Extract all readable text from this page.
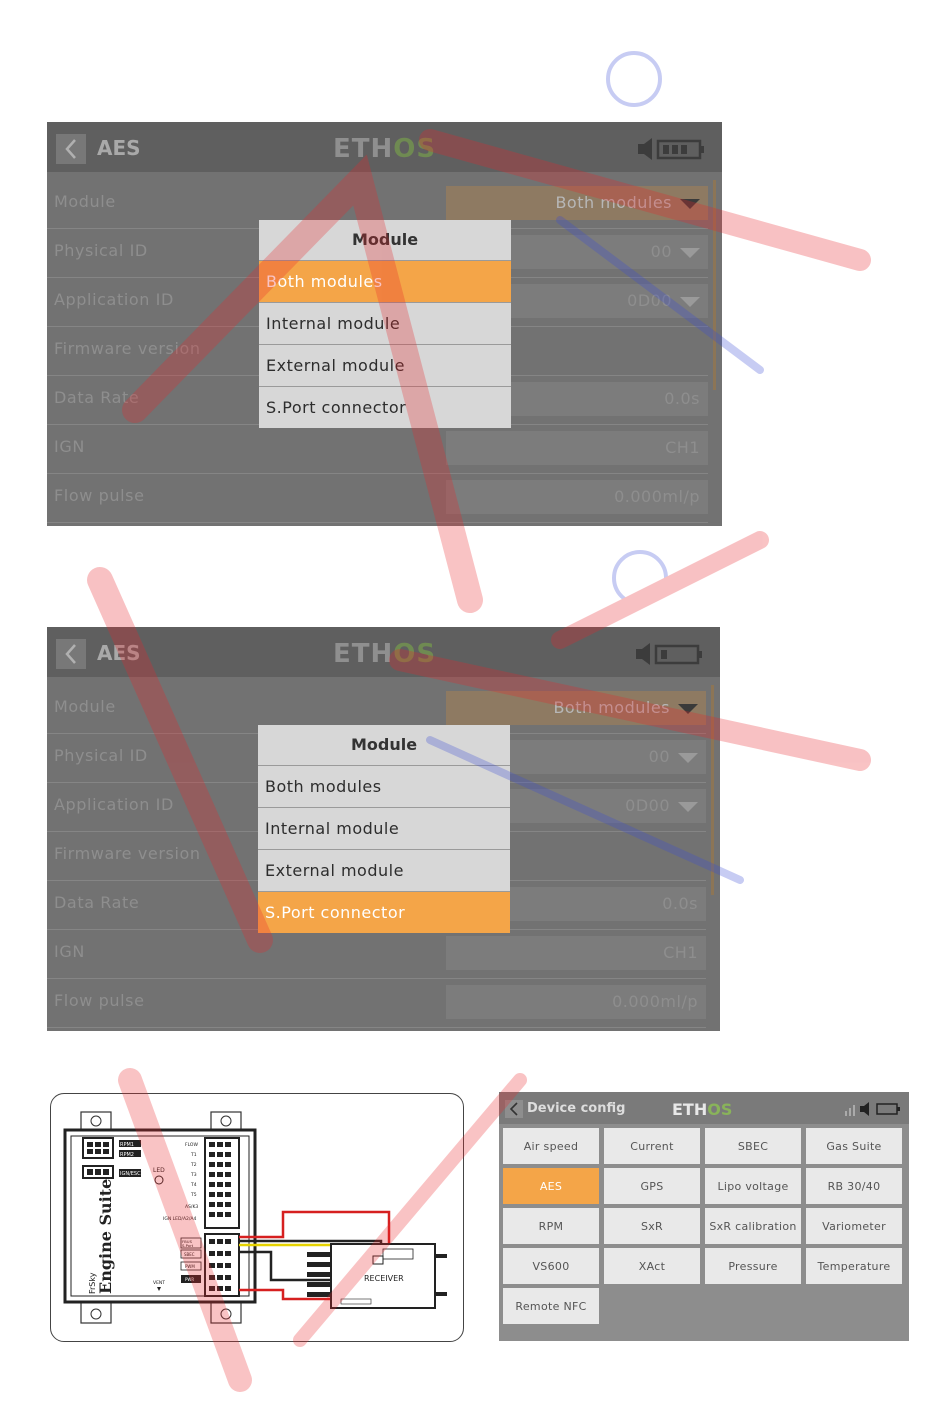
AES	ETHOS
Module	Both modules
Physical ID	00
Application ID	0D00
Firmware version
Data Rate	0.0s
IGN	CH1
Flow pulse	0.000ml/p
Module
Both modules
Internal module
External module
S.Port connector
AES	ETHOS
Module	Both modules
Physical ID	00
Application ID	0D00
Firmware version
Data Rate	0.0s
IGN	CH1
Flow pulse	0.000ml/p
Module
Both modules
Internal module
External module
S.Port connector
RPM1
RPM2
IGN/ESC LED
Engine Suite
FrSky
FLOW
T1
T2
T3
T4
T5
AS/K3
IGN LED/A2/A4
FBUS
S.Port
SBEC
PWM
PWR
VENT
RECEIVER
Device config	ETHOS
Air speed	Current	SBEC	Gas Suite
AES	GPS	Lipo voltage	RB 30/40
RPM	SxR	SxR calibration	Variometer
VS600	XAct	Pressure	Temperature
Remote NFC
